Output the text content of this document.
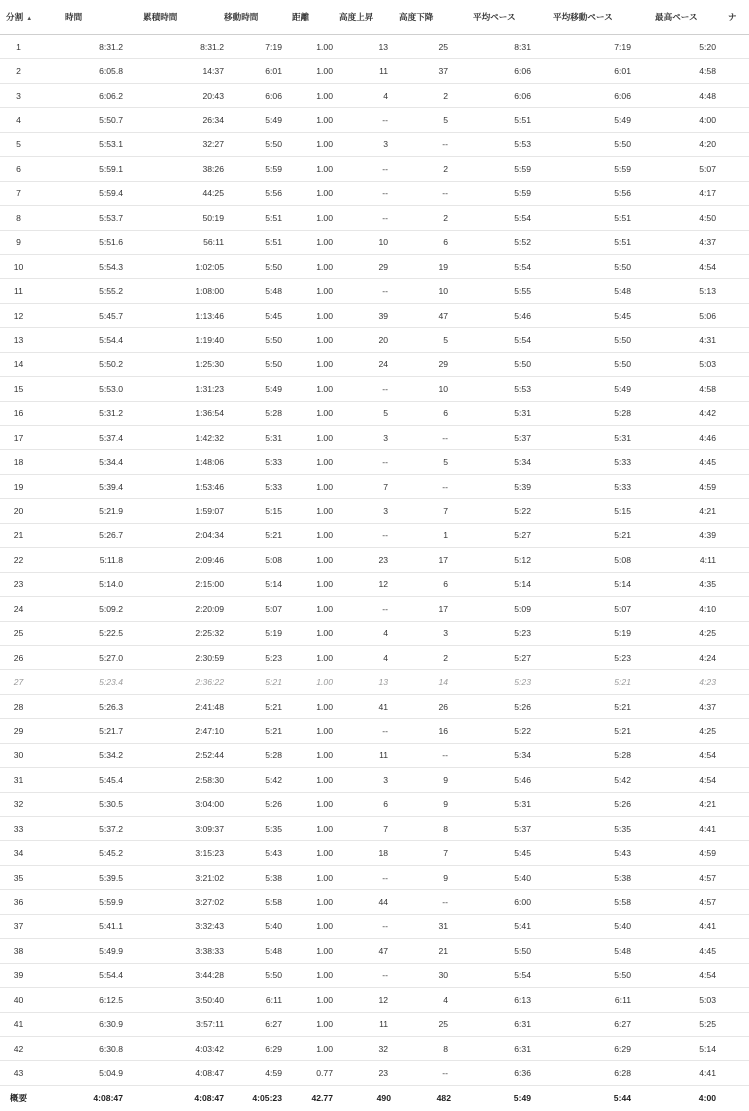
分割 ▲	時間	累積時間	移動時間	距離	高度上昇	高度下降	平均ペース	平均移動ペース	最高ペース	ナ
1	8:31.2	8:31.2	7:19	1.00	13	25	8:31	7:19	5:20	
2	6:05.8	14:37	6:01	1.00	11	37	6:06	6:01	4:58	
3	6:06.2	20:43	6:06	1.00	4	2	6:06	6:06	4:48	
4	5:50.7	26:34	5:49	1.00	--	5	5:51	5:49	4:00	
5	5:53.1	32:27	5:50	1.00	3	--	5:53	5:50	4:20	
6	5:59.1	38:26	5:59	1.00	--	2	5:59	5:59	5:07	
7	5:59.4	44:25	5:56	1.00	--	--	5:59	5:56	4:17	
8	5:53.7	50:19	5:51	1.00	--	2	5:54	5:51	4:50	
9	5:51.6	56:11	5:51	1.00	10	6	5:52	5:51	4:37	
10	5:54.3	1:02:05	5:50	1.00	29	19	5:54	5:50	4:54	
11	5:55.2	1:08:00	5:48	1.00	--	10	5:55	5:48	5:13	
12	5:45.7	1:13:46	5:45	1.00	39	47	5:46	5:45	5:06	
13	5:54.4	1:19:40	5:50	1.00	20	5	5:54	5:50	4:31	
14	5:50.2	1:25:30	5:50	1.00	24	29	5:50	5:50	5:03	
15	5:53.0	1:31:23	5:49	1.00	--	10	5:53	5:49	4:58	
16	5:31.2	1:36:54	5:28	1.00	5	6	5:31	5:28	4:42	
17	5:37.4	1:42:32	5:31	1.00	3	--	5:37	5:31	4:46	
18	5:34.4	1:48:06	5:33	1.00	--	5	5:34	5:33	4:45	
19	5:39.4	1:53:46	5:33	1.00	7	--	5:39	5:33	4:59	
20	5:21.9	1:59:07	5:15	1.00	3	7	5:22	5:15	4:21	
21	5:26.7	2:04:34	5:21	1.00	--	1	5:27	5:21	4:39	
22	5:11.8	2:09:46	5:08	1.00	23	17	5:12	5:08	4:11	
23	5:14.0	2:15:00	5:14	1.00	12	6	5:14	5:14	4:35	
24	5:09.2	2:20:09	5:07	1.00	--	17	5:09	5:07	4:10	
25	5:22.5	2:25:32	5:19	1.00	4	3	5:23	5:19	4:25	
26	5:27.0	2:30:59	5:23	1.00	4	2	5:27	5:23	4:24	
27	5:23.4	2:36:22	5:21	1.00	13	14	5:23	5:21	4:23	
28	5:26.3	2:41:48	5:21	1.00	41	26	5:26	5:21	4:37	
29	5:21.7	2:47:10	5:21	1.00	--	16	5:22	5:21	4:25	
30	5:34.2	2:52:44	5:28	1.00	11	--	5:34	5:28	4:54	
31	5:45.4	2:58:30	5:42	1.00	3	9	5:46	5:42	4:54	
32	5:30.5	3:04:00	5:26	1.00	6	9	5:31	5:26	4:21	
33	5:37.2	3:09:37	5:35	1.00	7	8	5:37	5:35	4:41	
34	5:45.2	3:15:23	5:43	1.00	18	7	5:45	5:43	4:59	
35	5:39.5	3:21:02	5:38	1.00	--	9	5:40	5:38	4:57	
36	5:59.9	3:27:02	5:58	1.00	44	--	6:00	5:58	4:57	
37	5:41.1	3:32:43	5:40	1.00	--	31	5:41	5:40	4:41	
38	5:49.9	3:38:33	5:48	1.00	47	21	5:50	5:48	4:45	
39	5:54.4	3:44:28	5:50	1.00	--	30	5:54	5:50	4:54	
40	6:12.5	3:50:40	6:11	1.00	12	4	6:13	6:11	5:03	
41	6:30.9	3:57:11	6:27	1.00	11	25	6:31	6:27	5:25	
42	6:30.8	4:03:42	6:29	1.00	32	8	6:31	6:29	5:14	
43	5:04.9	4:08:47	4:59	0.77	23	--	6:36	6:28	4:41	
概要	4:08:47	4:08:47	4:05:23	42.77	490	482	5:49	5:44	4:00	
